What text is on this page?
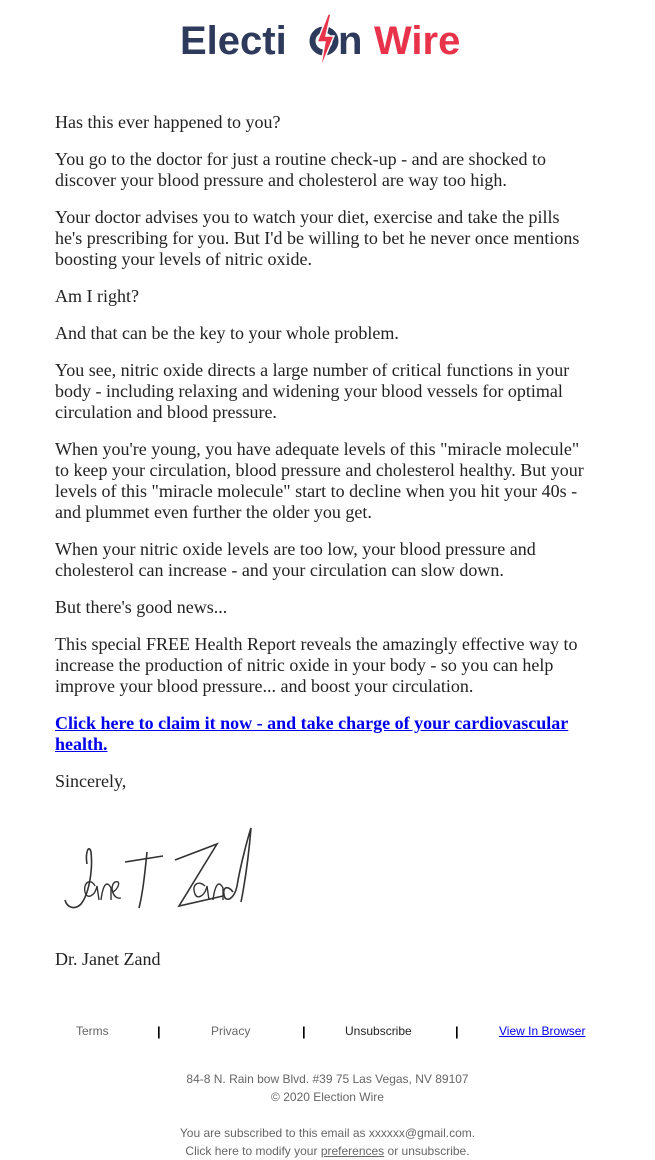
Electi n Wire

Has this ever happened to you?

You go to the doctor for just a routine check-up - and are shocked to discover your blood pressure and cholesterol are way too high.

Your doctor advises you to watch your diet, exercise and take the pills he's prescribing for you. But I'd be willing to bet he never once mentions boosting your levels of nitric oxide.

Am I right?

And that can be the key to your whole problem.

You see, nitric oxide directs a large number of critical functions in your body - including relaxing and widening your blood vessels for optimal circulation and blood pressure.

When you're young, you have adequate levels of this "miracle molecule" to keep your circulation, blood pressure and cholesterol healthy. But your levels of this "miracle molecule" start to decline when you hit your 40s - and plummet even further the older you get.

When your nitric oxide levels are too low, your blood pressure and cholesterol can increase - and your circulation can slow down.

But there's good news...

This special FREE Health Report reveals the amazingly effective way to increase the production of nitric oxide in your body - so you can help improve your blood pressure... and boost your circulation.

Click here to claim it now - and take charge of your cardiovascular health.

Sincerely,

Dr. Janet Zand

Terms	|	Privacy	|	Unsubscribe	|	View In Browser
84-8 N. Rain bow Blvd. #39 75 Las Vegas, NV 89107
© 2020 Election Wire
You are subscribed to this email as xxxxxx@gmail.com.
Click here to modify your preferences or unsubscribe.
